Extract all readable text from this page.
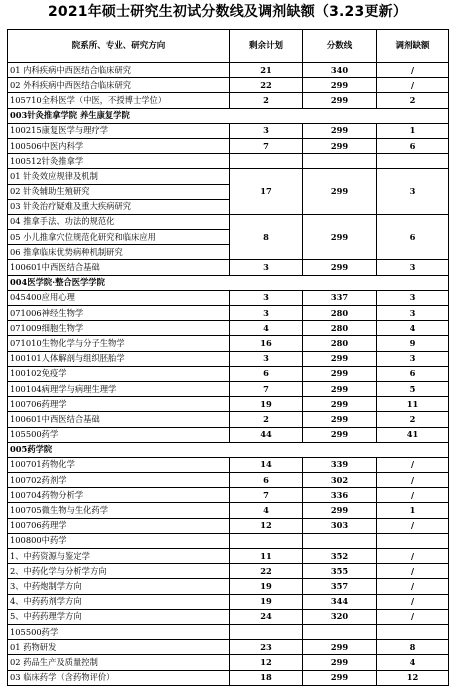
2021年硕士研究生初试分数线及调剂缺额（3.23更新）
院系所、专业、研究方向	剩余计划	分数线	调剂缺额
01 内科疾病中西医结合临床研究	21	340	/
02 外科疾病中西医结合临床研究	22	299	/
105710全科医学（中医，不授博士学位）	2	299	2
003针灸推拿学院 养生康复学院			
100215康复医学与理疗学	3	299	1
100506中医内科学	7	299	6
100512针灸推拿学			
01 针灸效应规律及机制	17	299	3
02 针灸辅助生殖研究			
03 针灸治疗疑难及重大疾病研究			
04 推拿手法、功法的规范化	8	299	6
05 小儿推拿穴位规范化研究和临床应用			
06 推拿临床优势病种机制研究			
100601中西医结合基础	3	299	3
004医学院·整合医学学院			
045400应用心理	3	337	3
071006神经生物学	3	280	3
071009细胞生物学	4	280	4
071010生物化学与分子生物学	16	280	9
100101人体解剖与组织胚胎学	3	299	3
100102免疫学	6	299	6
100104病理学与病理生理学	7	299	5
100706药理学	19	299	11
100601中西医结合基础	2	299	2
105500药学	44	299	41
005药学院			
100701药物化学	14	339	/
100702药剂学	6	302	/
100704药物分析学	7	336	/
100705微生物与生化药学	4	299	1
100706药理学	12	303	/
100800中药学			
1、中药资源与鉴定学	11	352	/
2、中药化学与分析学方向	22	355	/
3、中药炮制学方向	19	357	/
4、中药药剂学方向	19	344	/
5、中药药理学方向	24	320	/
105500药学			
01 药物研发	23	299	8
02 药品生产及质量控制	12	299	4
03 临床药学（含药物评价）	18	299	12
